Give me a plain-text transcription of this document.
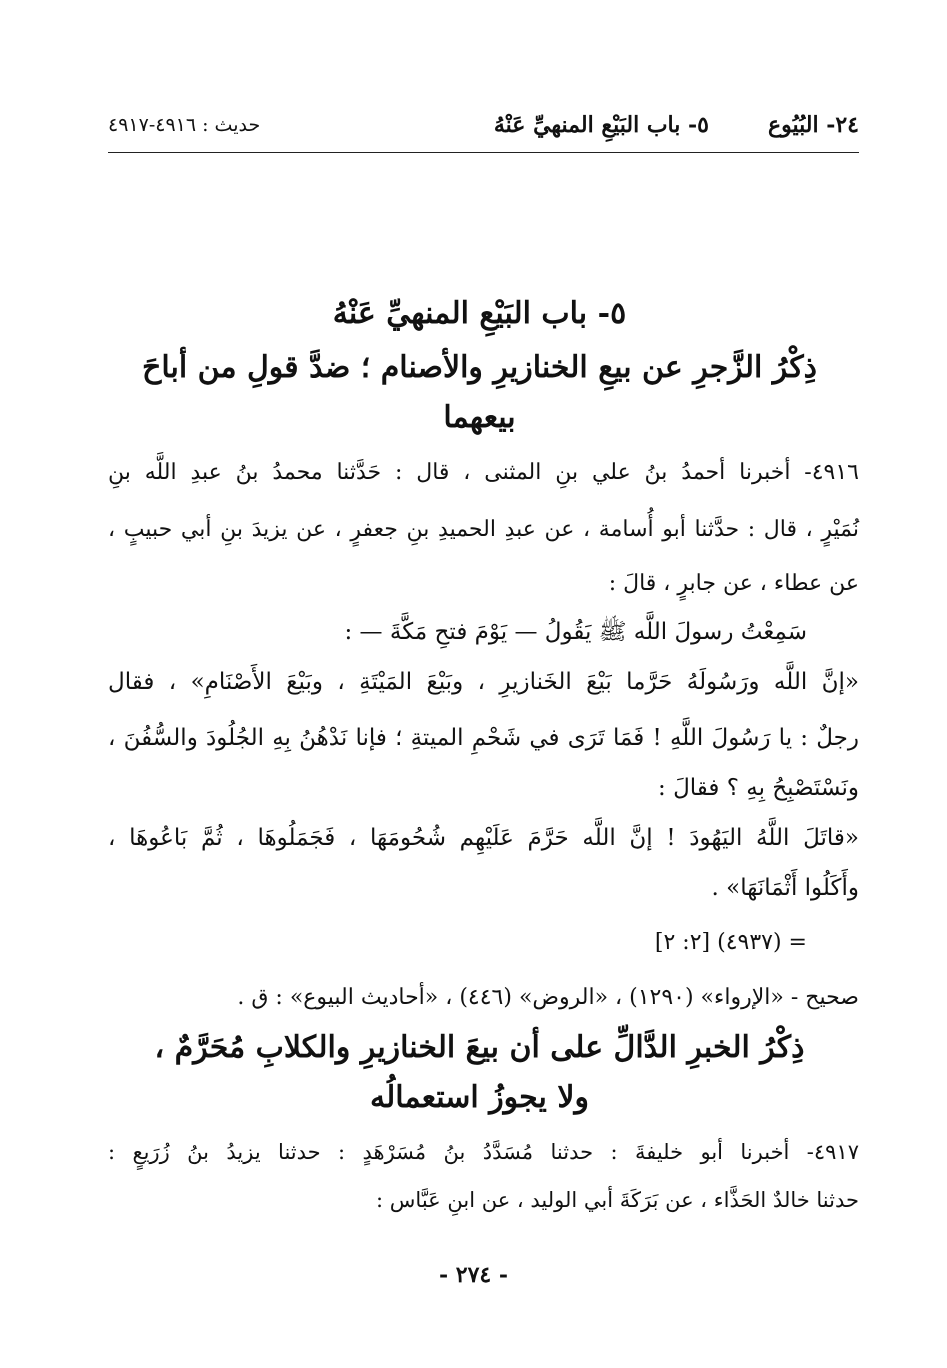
٢٤- البُيُوع
٥- باب البَيْعِ المنهيِّ عَنْهُ
حديث : ٤٩١٦-٤٩١٧
٥- باب البَيْعِ المنهيِّ عَنْهُ
ذِكْرُ الزَّجرِ عن بيعِ الخنازيرِ والأصنام ؛ ضدَّ قولِ من أباحَ
بيعهما
٤٩١٦- أخبرنا أحمدُ بنُ علي بنِ المثنى ، قال : حَدَّثنا محمدُ بنُ عبدِ اللَّه بنِ
نُمَيْرٍ ، قال : حدَّثنا أبو أُسامة ، عن عبدِ الحميدِ بنِ جعفرٍ ، عن يزيدَ بنِ أبي حبيبٍ ،
عن عطاء ، عن جابرٍ ، قالَ :
سَمِعْتُ رسولَ اللَّه ﷺ يَقُولُ — يَوْمَ فتحِ مَكَّةَ — :
«إنَّ اللَّه ورَسُولَهُ حَرَّما بَيْعَ الخَنازيرِ ، وبَيْعَ المَيْتَةِ ، وبَيْعَ الأَصْنَامِ» ، فقال
رجلٌ : يا رَسُولَ اللَّهِ ! فَمَا تَرَى في شَحْمِ الميتةِ ؛ فإنا نَدْهُنُ بِهِ الجُلُودَ والسُّفُنَ ،
ونَسْتَصْبِحُ بِهِ ؟ فقالَ :
«قاتَلَ اللَّهُ اليَهُودَ ! إنَّ اللَّه حَرَّمَ عَلَيْهِم شُحُومَهَا ، فَجَمَلُوهَا ، ثُمَّ بَاعُوهَا ،
وأَكَلُوا أَثْمَانَهَا» .
= (٤٩٣٧) [٢: ٢]
صحيح - «الإرواء» (١٢٩٠) ، «الروض» (٤٤٦) ، «أحاديث البيوع» : ق .
ذِكْرُ الخبرِ الدَّالِّ على أن بيعَ الخنازيرِ والكلابِ مُحَرَّمٌ ،
ولا يجوزُ استعمالُه
٤٩١٧- أخبرنا أبو خليفةَ : حدثنا مُسَدَّدُ بنُ مُسَرْهَدٍ : حدثنا يزيدُ بنُ زُرَيعٍ :
حدثنا خالدٌ الحَذَّاء ، عن بَرَكَةَ أبي الوليد ، عن ابنِ عَبَّاس :
- ٢٧٤ -
